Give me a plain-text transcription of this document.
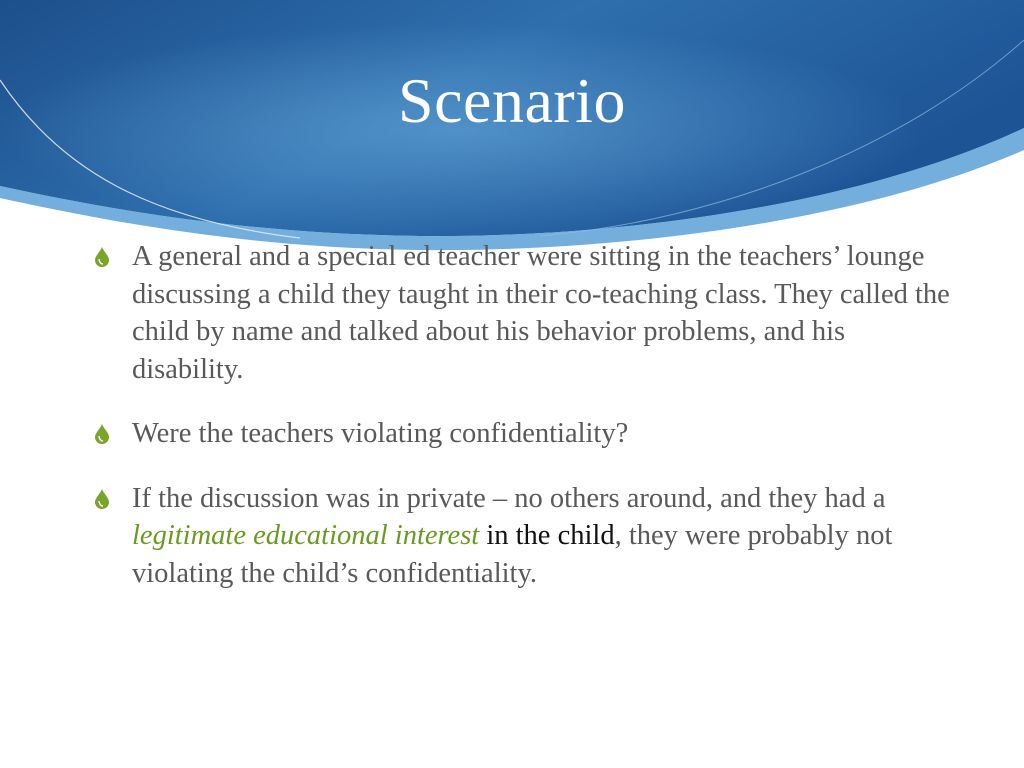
Scenario
A general and a special ed teacher were sitting in the teachers’ lounge discussing a child they taught in their co-teaching class. They called the child by name and talked about his behavior problems, and his disability.
Were the teachers violating confidentiality?
If the discussion was in private – no others around, and they had a legitimate educational interest in the child, they were probably not violating the child’s confidentiality.
